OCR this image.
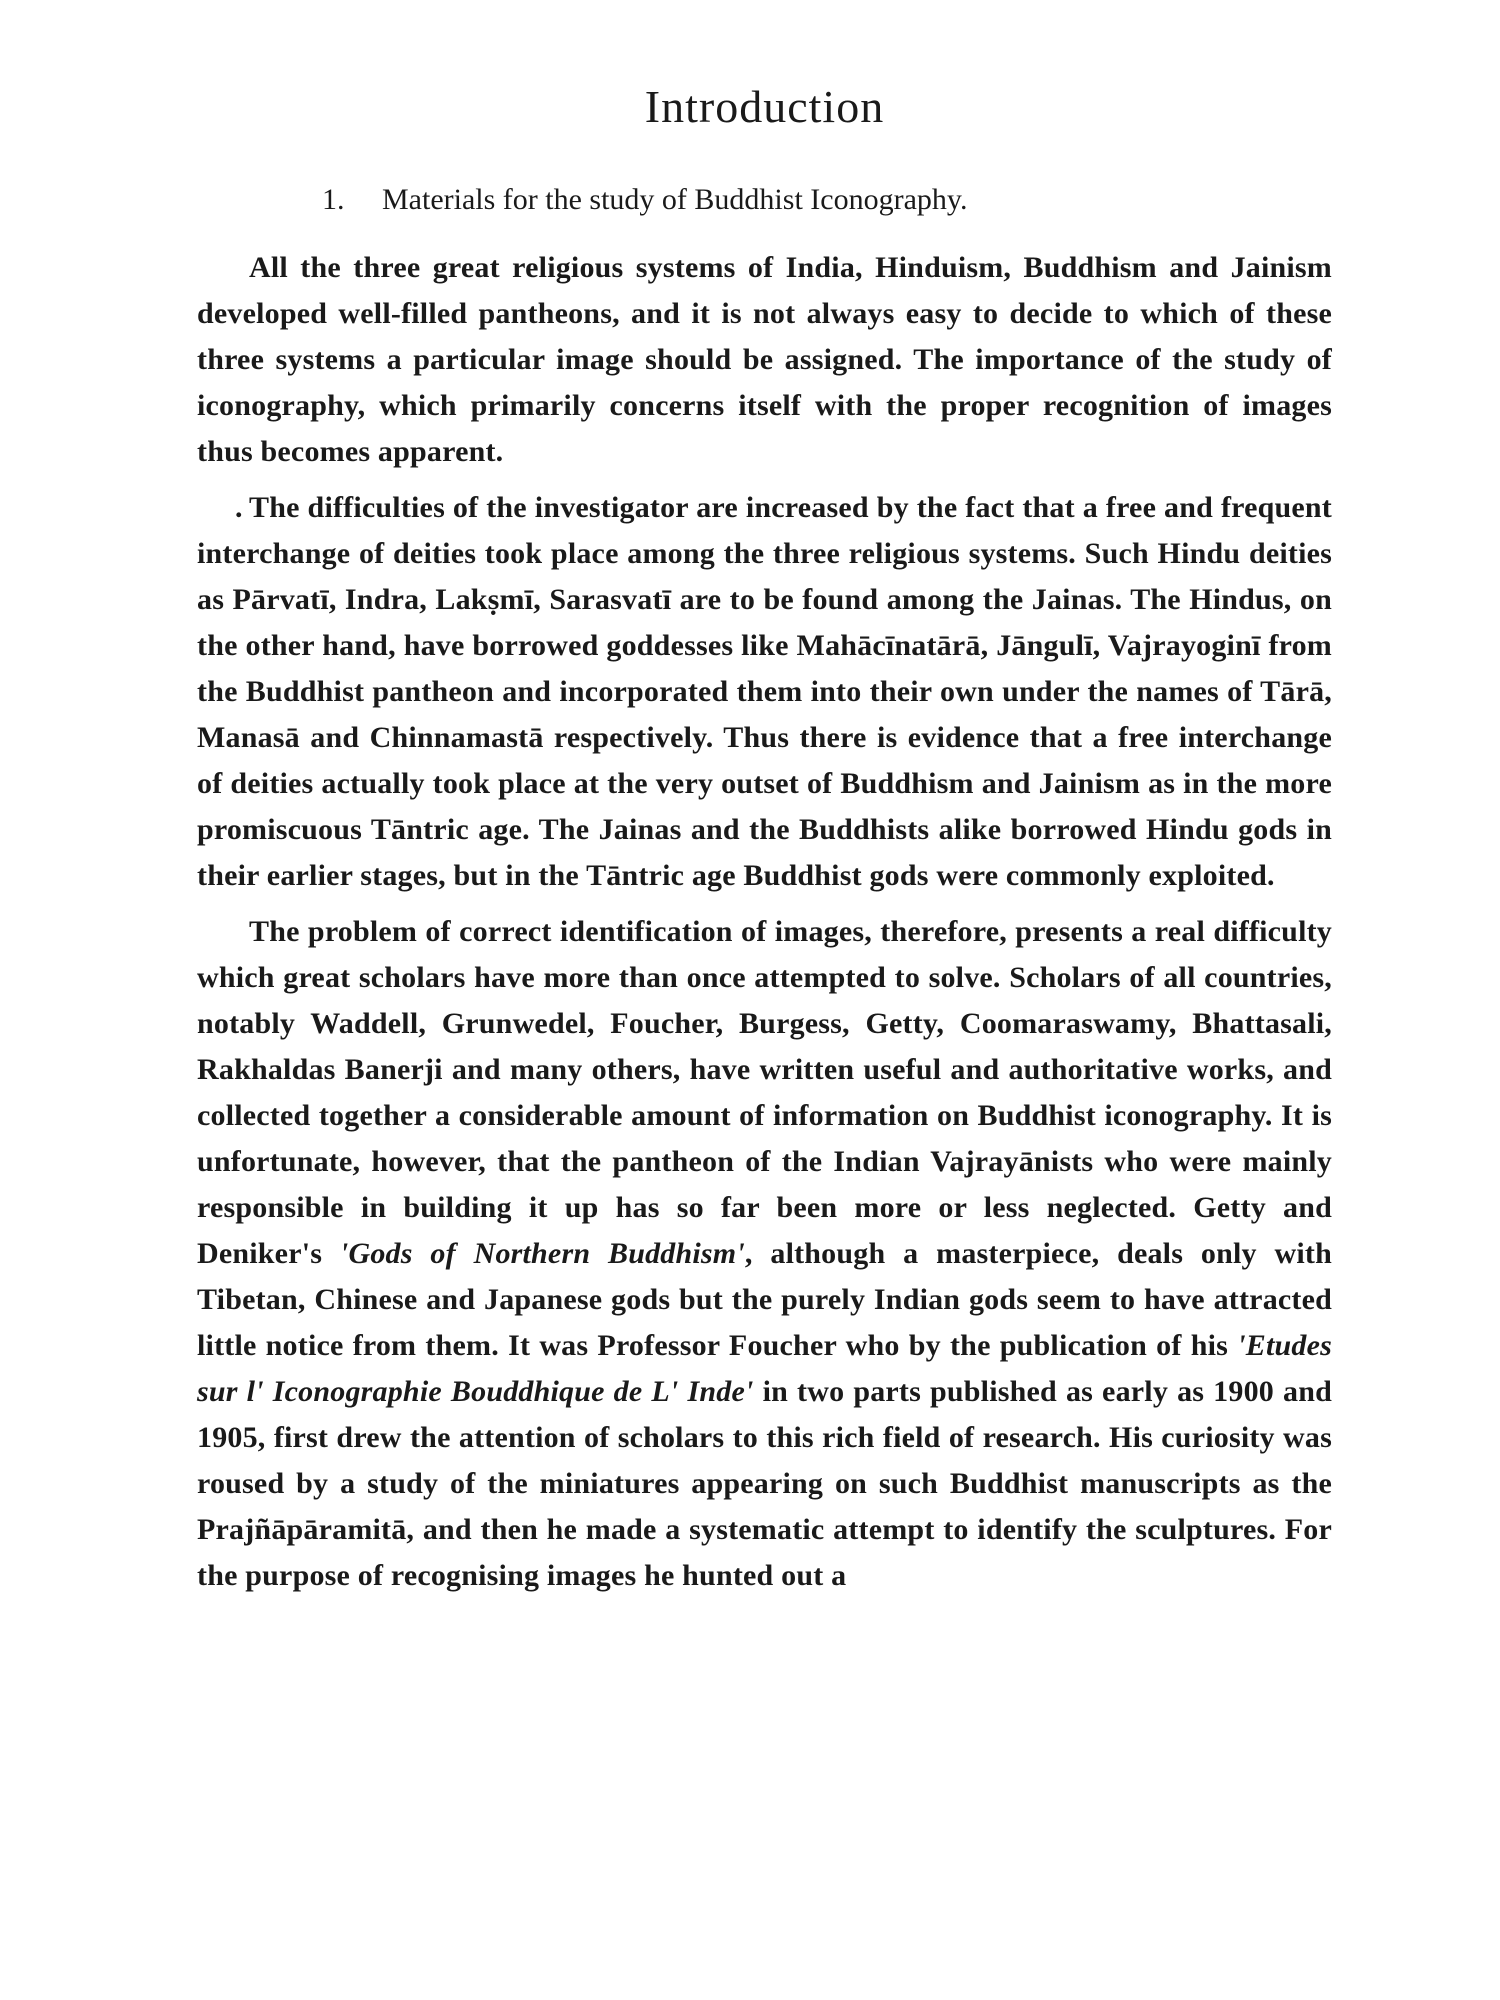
Introduction
1. Materials for the study of Buddhist Iconography.

All the three great religious systems of India, Hinduism, Buddhism and Jainism developed well-filled pantheons, and it is not always easy to decide to which of these three systems a particular image should be assigned. The importance of the study of iconography, which primarily concerns itself with the proper recognition of images thus becomes apparent.

. The difficulties of the investigator are increased by the fact that a free and frequent interchange of deities took place among the three religious systems. Such Hindu deities as Pārvatī, Indra, Lakṣmī, Sarasvatī are to be found among the Jainas. The Hindus, on the other hand, have borrowed goddesses like Mahācīnatārā, Jāngulī, Vajrayoginī from the Buddhist pantheon and incorporated them into their own under the names of Tārā, Manasā and Chinnamastā respectively. Thus there is evidence that a free interchange of deities actually took place at the very outset of Buddhism and Jainism as in the more promiscuous Tāntric age. The Jainas and the Buddhists alike borrowed Hindu gods in their earlier stages, but in the Tāntric age Buddhist gods were commonly exploited.

The problem of correct identification of images, therefore, presents a real difficulty which great scholars have more than once attempted to solve. Scholars of all countries, notably Waddell, Grunwedel, Foucher, Burgess, Getty, Coomaraswamy, Bhattasali, Rakhaldas Banerji and many others, have written useful and authoritative works, and collected together a considerable amount of information on Buddhist iconography. It is unfortunate, however, that the pantheon of the Indian Vajrayānists who were mainly responsible in building it up has so far been more or less neglected. Getty and Deniker's 'Gods of Northern Buddhism', although a masterpiece, deals only with Tibetan, Chinese and Japanese gods but the purely Indian gods seem to have attracted little notice from them. It was Professor Foucher who by the publication of his 'Etudes sur l' Iconographie Bouddhique de L' Inde' in two parts published as early as 1900 and 1905, first drew the attention of scholars to this rich field of research. His curiosity was roused by a study of the miniatures appearing on such Buddhist manuscripts as the Prajñāpāramitā, and then he made a systematic attempt to identify the sculptures. For the purpose of recognising images he hunted out a
